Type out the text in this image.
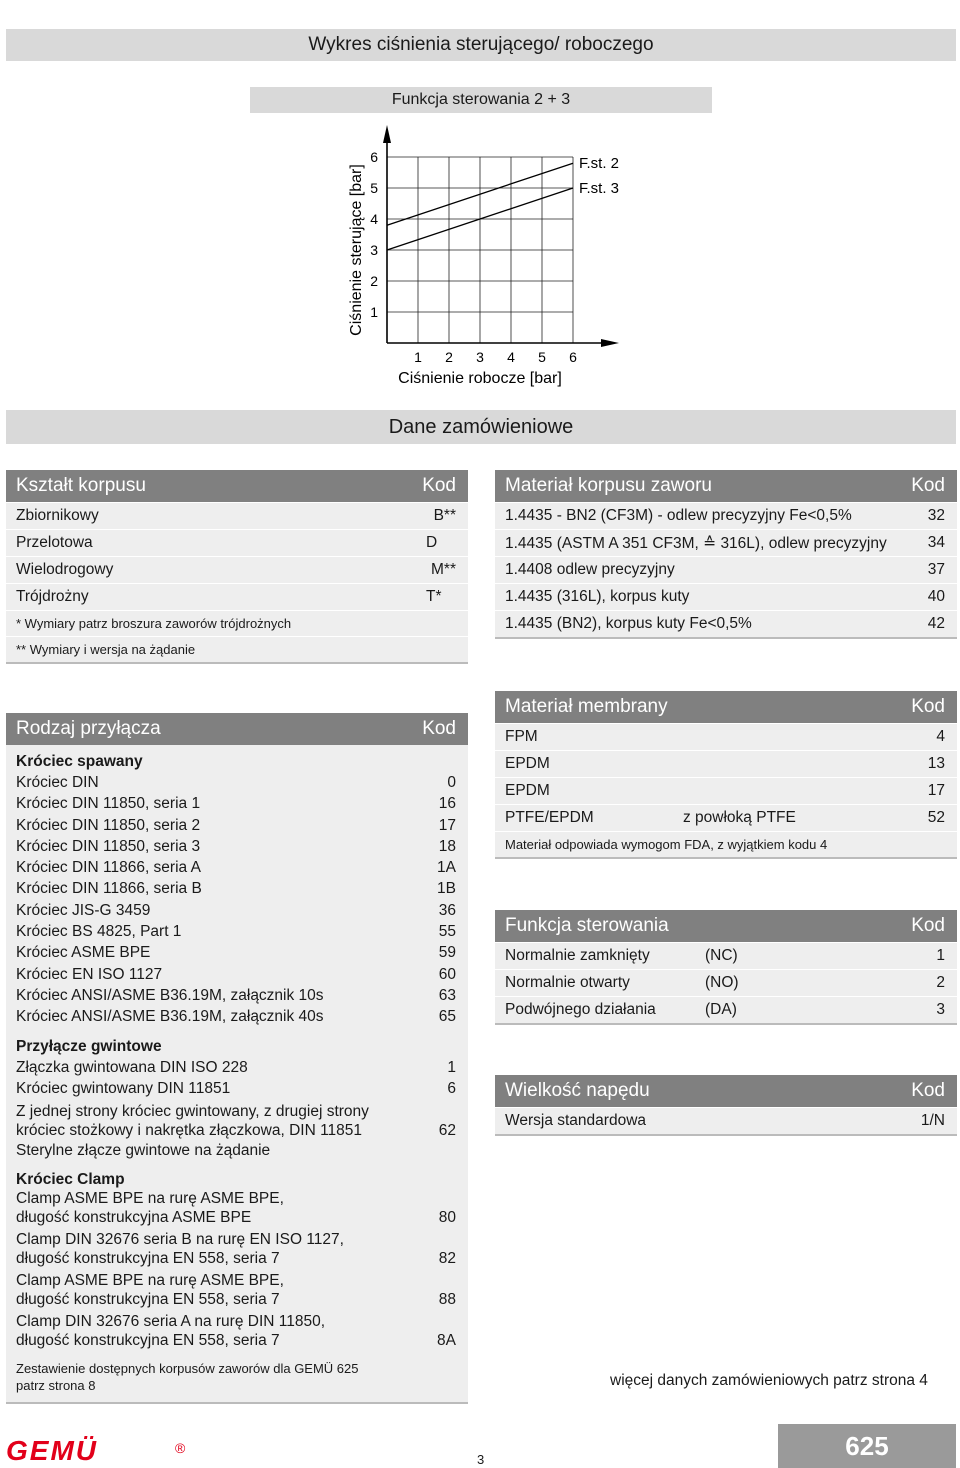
Wykres ciśnienia sterującego/ roboczego
Funkcja sterowania 2 + 3
1
2
3
4
5
6
1 2 3 4 5 6
Ciśnienie robocze [bar]
Ciśnienie sterujące [bar]
F.st. 2
F.st. 3
Dane zamówieniowe
Kształt korpusu	Kod
Zbiornikowy	B**
Przelotowa	D
Wielodrogowy	M**
Trójdrożny	T*
* Wymiary patrz broszura zaworów trójdrożnych
** Wymiary i wersja na żądanie
Materiał korpusu zaworu	Kod
1.4435 - BN2 (CF3M) - odlew precyzyjny Fe<0,5%	32
1.4435 (ASTM A 351 CF3M, ≙ 316L), odlew precyzyjny	34
1.4408 odlew precyzyjny	37
1.4435 (316L), korpus kuty	40
1.4435 (BN2), korpus kuty Fe<0,5%	42
Rodzaj przyłącza	Kod
Króciec spawany
Króciec DIN	0
Króciec DIN 11850, seria 1	16
Króciec DIN 11850, seria 2	17
Króciec DIN 11850, seria 3	18
Króciec DIN 11866, seria A	1A
Króciec DIN 11866, seria B	1B
Króciec JIS-G 3459	36
Króciec BS 4825, Part 1	55
Króciec ASME BPE	59
Króciec EN ISO 1127	60
Króciec ANSI/ASME B36.19M, załącznik 10s	63
Króciec ANSI/ASME B36.19M, załącznik 40s	65
Przyłącze gwintowe
Złączka gwintowana DIN ISO 228	1
Króciec gwintowany DIN 11851	6
Z jednej strony króciec gwintowany, z drugiej strony
króciec stożkowy i nakrętka złączkowa, DIN 11851	62
Sterylne złącze gwintowe na żądanie
Króciec Clamp
Clamp ASME BPE na rurę ASME BPE,
długość konstrukcyjna ASME BPE	80
Clamp DIN 32676 seria B na rurę EN ISO 1127,
długość konstrukcyjna EN 558, seria 7	82
Clamp ASME BPE na rurę ASME BPE,
długość konstrukcyjna EN 558, seria 7	88
Clamp DIN 32676 seria A na rurę DIN 11850,
długość konstrukcyjna EN 558, seria 7	8A
Zestawienie dostępnych korpusów zaworów dla GEMÜ 625
patrz strona 8
Materiał membrany	Kod
FPM	4
EPDM	13
EPDM	17
PTFE/EPDM	z powłoką PTFE	52
Materiał odpowiada wymogom FDA, z wyjątkiem kodu 4
Funkcja sterowania	Kod
Normalnie zamknięty	(NC)	1
Normalnie otwarty	(NO)	2
Podwójnego działania	(DA)	3
Wielkość napędu	Kod
Wersja standardowa	1/N
więcej danych zamówieniowych patrz strona 4
GEMÜ	®
3	625
